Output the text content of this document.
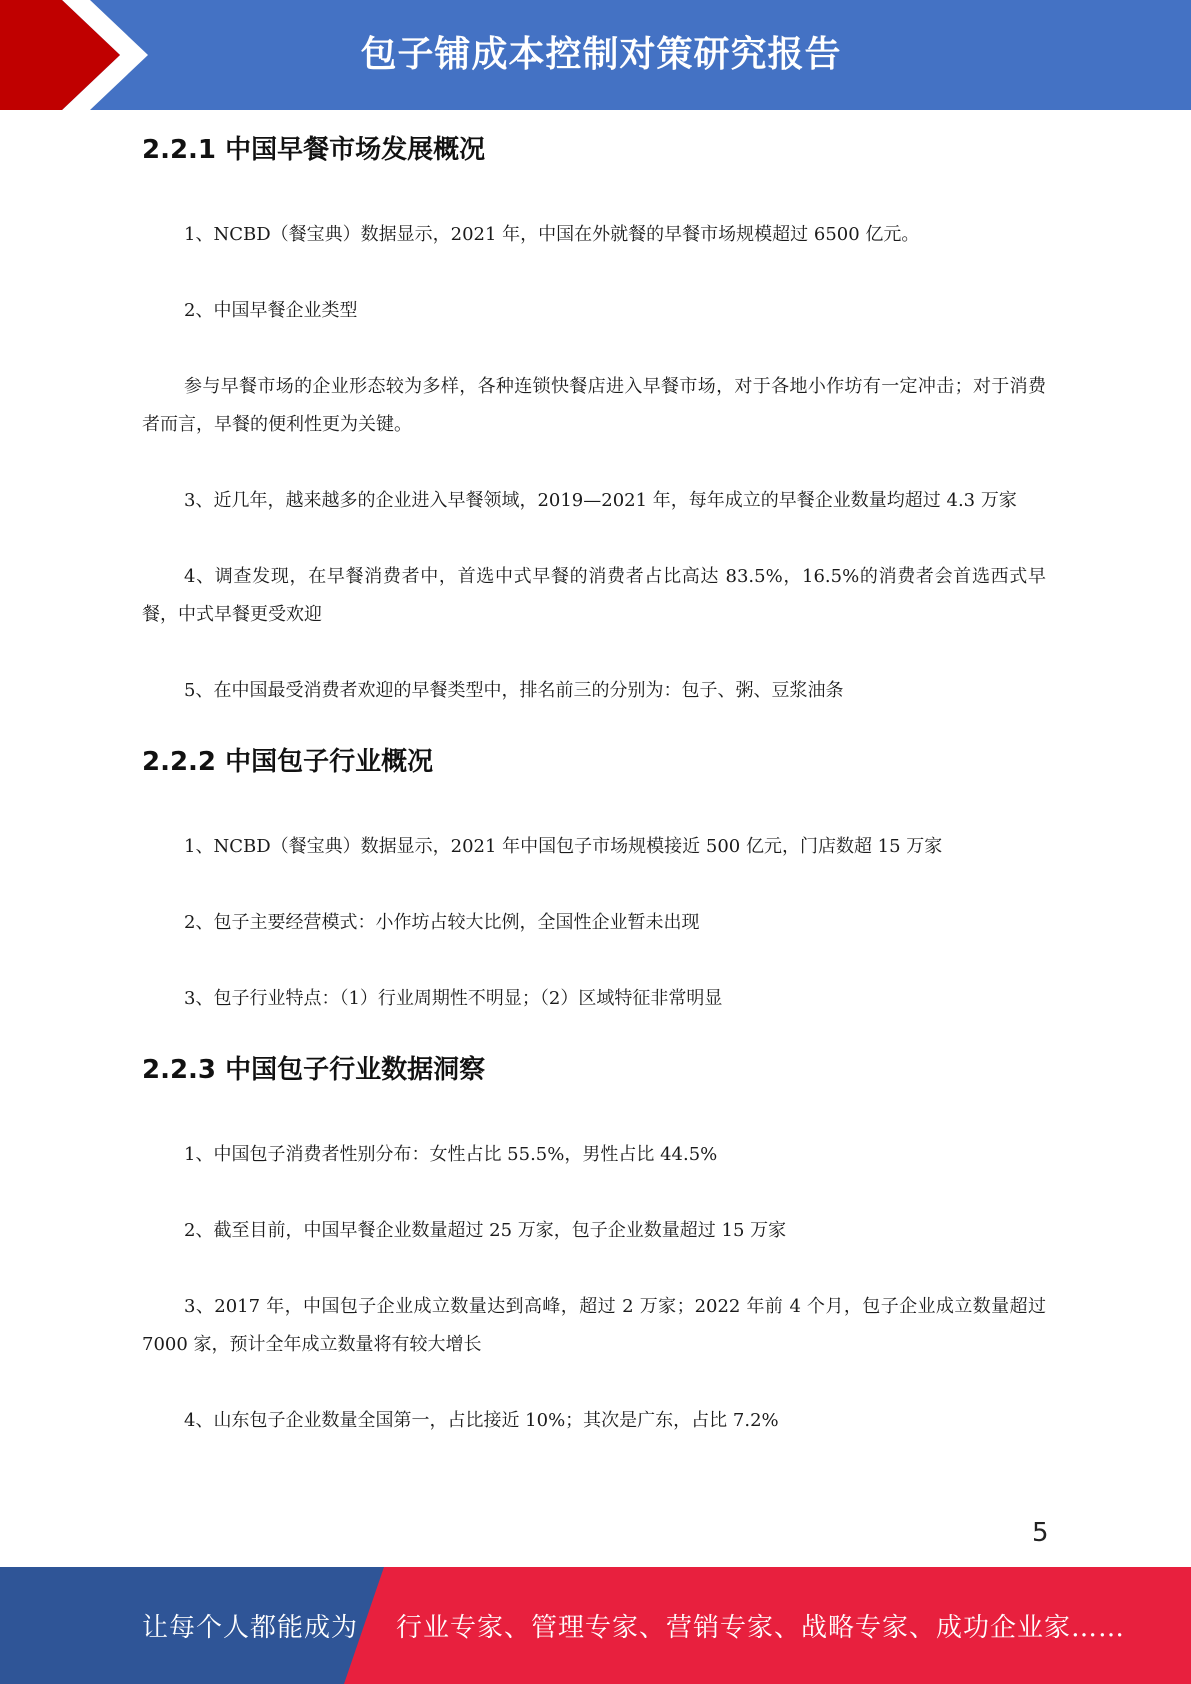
包子铺成本控制对策研究报告
2.2.1 中国早餐市场发展概况

1、NCBD（餐宝典）数据显示，2021 年，中国在外就餐的早餐市场规模超过 6500 亿元。

2、中国早餐企业类型

参与早餐市场的企业形态较为多样，各种连锁快餐店进入早餐市场，对于各地小作坊有一定冲击；对于消费者而言，早餐的便利性更为关键。

3、近几年，越来越多的企业进入早餐领域，2019—2021 年，每年成立的早餐企业数量均超过 4.3 万家

4、调查发现，在早餐消费者中，首选中式早餐的消费者占比高达 83.5%，16.5%的消费者会首选西式早餐，中式早餐更受欢迎

5、在中国最受消费者欢迎的早餐类型中，排名前三的分别为：包子、粥、豆浆油条

2.2.2 中国包子行业概况

1、NCBD（餐宝典）数据显示，2021 年中国包子市场规模接近 500 亿元，门店数超 15 万家

2、包子主要经营模式：小作坊占较大比例，全国性企业暂未出现

3、包子行业特点：（1）行业周期性不明显；（2）区域特征非常明显

2.2.3 中国包子行业数据洞察

1、中国包子消费者性别分布：女性占比 55.5%，男性占比 44.5%

2、截至目前，中国早餐企业数量超过 25 万家，包子企业数量超过 15 万家

3、2017 年，中国包子企业成立数量达到高峰，超过 2 万家；2022 年前 4 个月，包子企业成立数量超过 7000 家，预计全年成立数量将有较大增长

4、山东包子企业数量全国第一，占比接近 10%；其次是广东，占比 7.2%

5
让每个人都能成为 行业专家、管理专家、营销专家、战略专家、成功企业家……
